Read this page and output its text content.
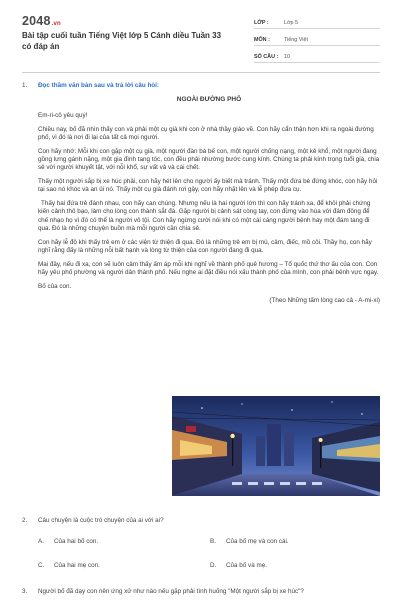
2048.vn
Bài tập cuối tuần Tiếng Việt lớp 5 Cánh diều Tuần 33 có đáp án
LỚP :	Lớp 5
MÔN :	Tiếng Việt
SỐ CÂU :	10
1. Đọc thầm văn bản sau và trả lời câu hỏi:
NGOÀI ĐƯỜNG PHỐ

Em-ri-cô yêu quý!

Chiều nay, bố đã nhìn thấy con và phải một cụ già khi con ở nhà thầy giáo về. Con hãy cẩn thận hơn khi ra ngoài đường phố, vì đó là nơi đi lại của tất cả mọi người.

Con hãy nhớ: Mỗi khi con gặp một cụ già, một người đàn bà bế con, một người chống nạng, một kẻ khổ, một người đang gồng lưng gánh nặng, một gia đình tang tóc, con đều phải nhường bước cung kính. Chúng ta phải kính trọng tuổi già, chia sẻ với người khuyết tật, với nỗi khổ, sự vất vả và cái chết.

Thấy một người sắp bị xe húc phải, con hãy hét lên cho người ấy biết mà tránh. Thấy một đứa bé đứng khóc, con hãy hỏi tại sao nó khóc và an ủi nó. Thấy một cụ già đánh rơi gậy, con hãy nhặt lên và lễ phép đưa cụ.

Thấy hai đứa trẻ đánh nhau, con hãy can chúng. Nhưng nếu là hai người lớn thì con hãy tránh xa, để khỏi phải chứng kiến cảnh thô bạo, làm cho lòng con thành sắt đá. Gặp người bị cảnh sát còng tay, con đừng vào hùa với đám đông để chế nhạo họ vì đó có thể là người vô tội. Con hãy ngừng cười nói khi có một cái cáng người bệnh hay một đám tang đi qua. Đó là những chuyện buồn mà mỗi người cần chia sẻ.

Con hãy lễ độ khi thấy trẻ em ở các viện từ thiện đi qua. Đó là những trẻ em bị mù, câm, điếc, mồ côi. Thầy họ, con hãy nghĩ rằng đấy là những nỗi bất hạnh và lòng từ thiện của con người đang đi qua.

Mai đây, nếu đi xa, con sẽ luôn cảm thấy ấm áp mỗi khi nghĩ về thành phố quê hương – Tổ quốc thứ thơ ấu của con. Con hãy yêu phố phường và người dân thành phố. Nếu nghe ai đặt điều nói xấu thành phố của mình, con phải bênh vực ngay.

Bố của con.

(Theo Những tấm lòng cao cả - A-mi-xi)
2. Câu chuyện là cuộc trò chuyện của ai với ai?
A. Của hai bố con.	B. Của bố mẹ và con cái.
C. Của hai mẹ con.	D. Của bố và mẹ.
3. Người bố đã dạy con nên ứng xử như nào nếu gặp phải tình huống "Một người sắp bị xe húc"?
